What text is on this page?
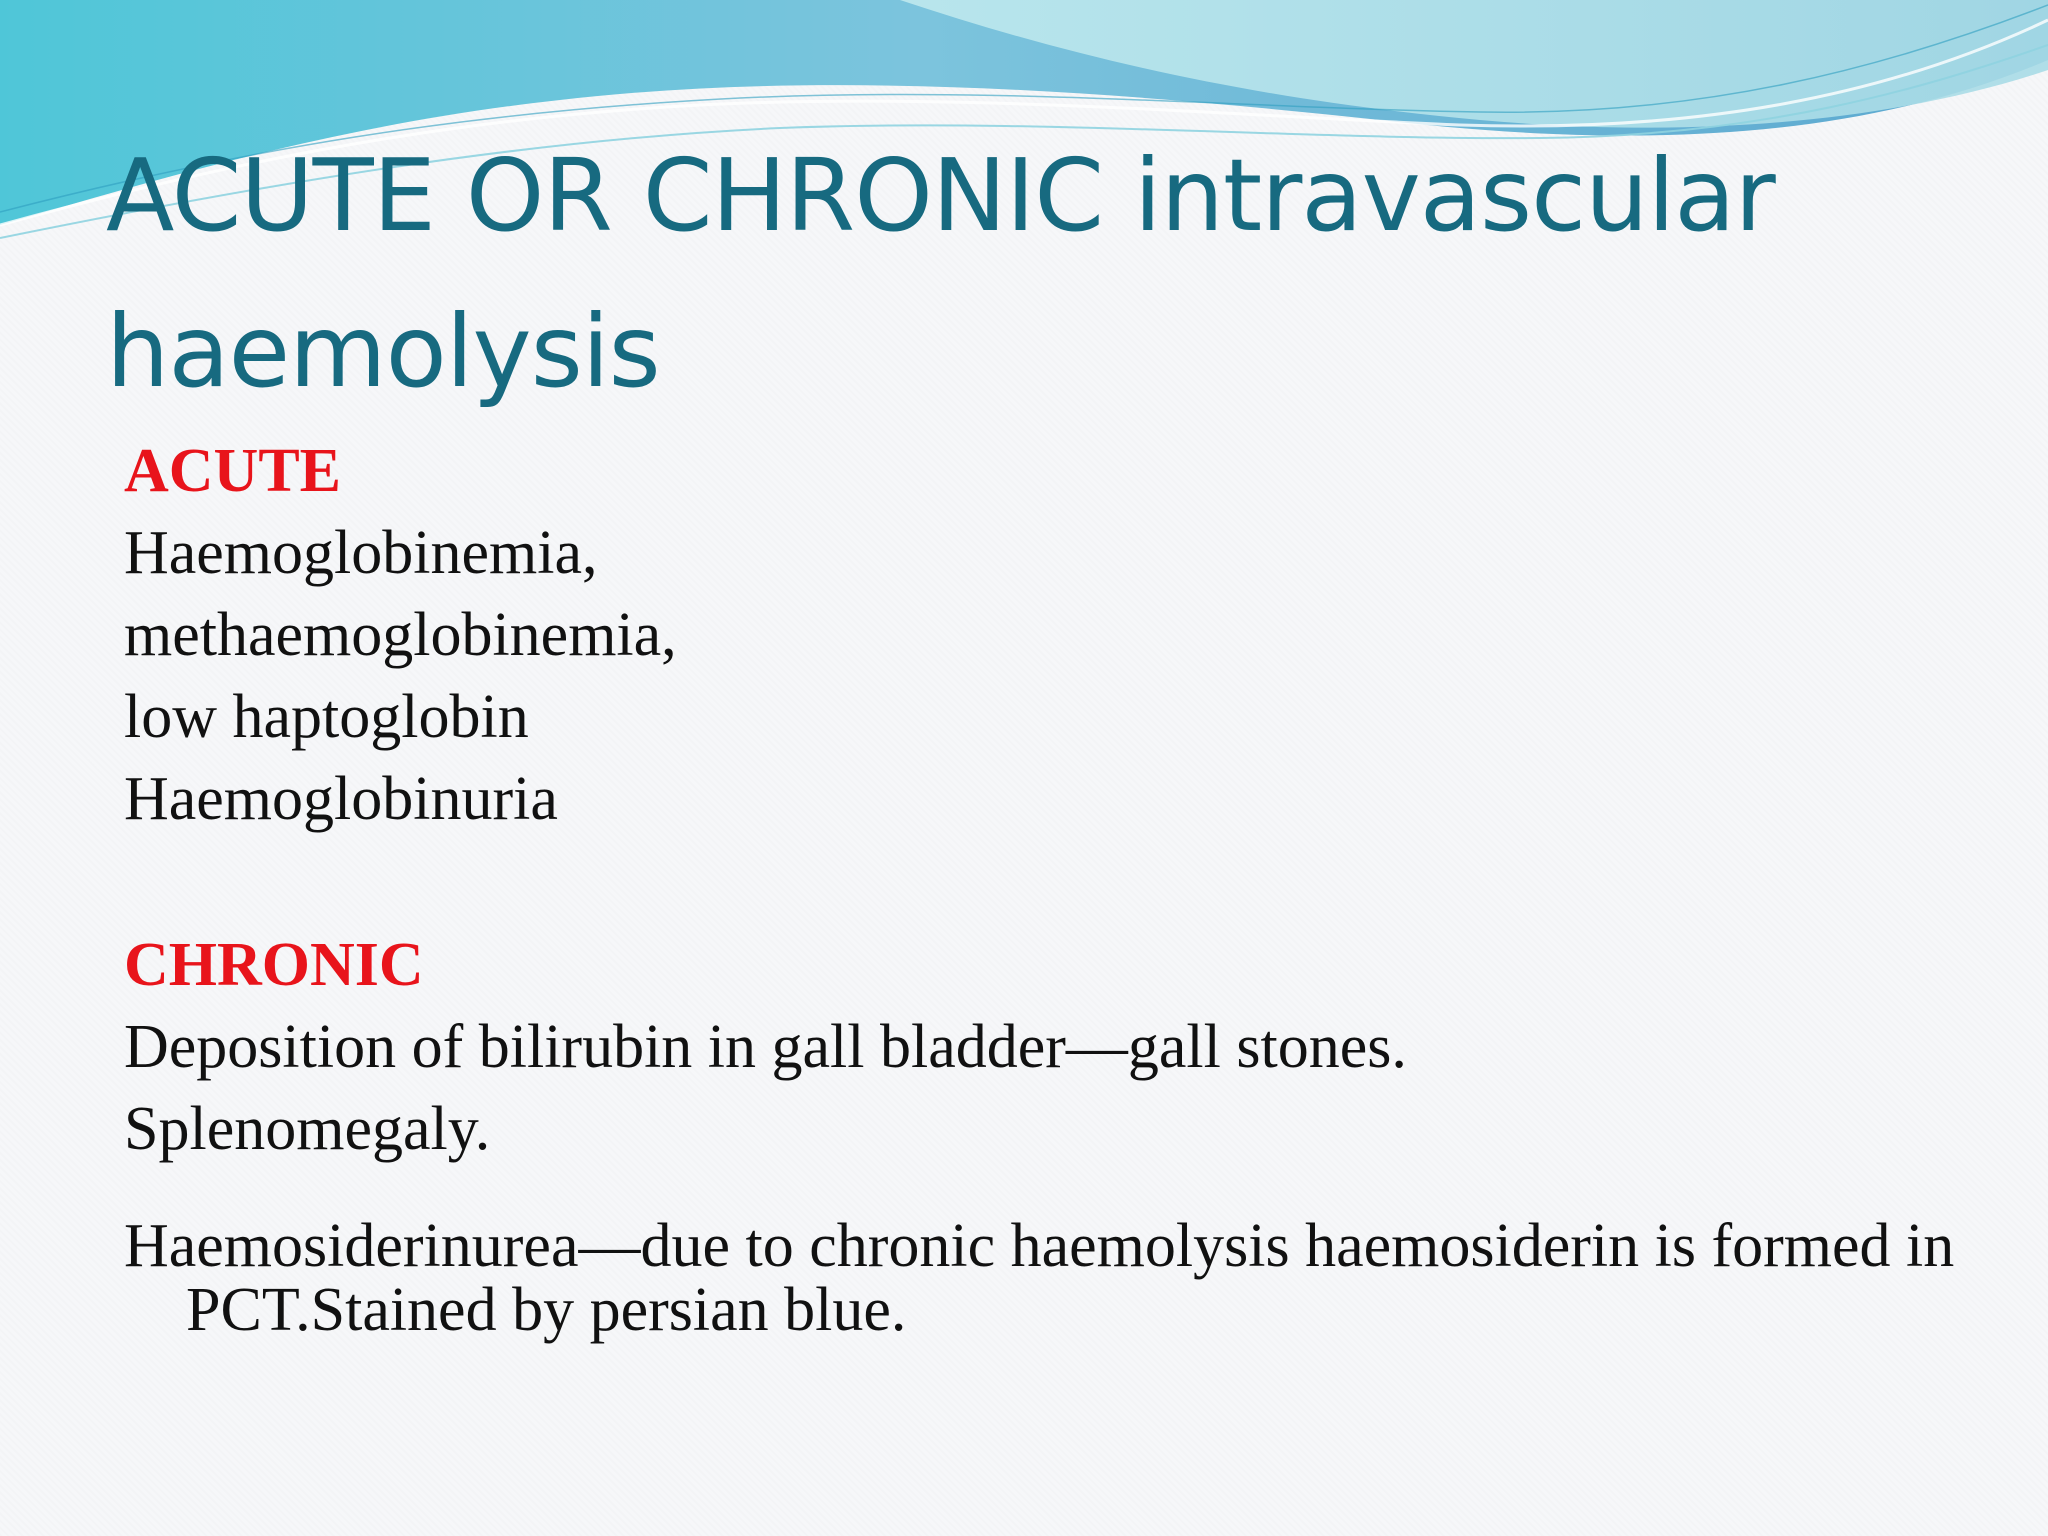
ACUTE OR CHRONIC intravascular
haemolysis
ACUTE
Haemoglobinemia,
methaemoglobinemia,
low haptoglobin
Haemoglobinuria
CHRONIC
Deposition of bilirubin in gall bladder—gall stones.
Splenomegaly.
Haemosiderinurea—due to chronic haemolysis haemosiderin is formed in PCT.Stained by persian blue.
